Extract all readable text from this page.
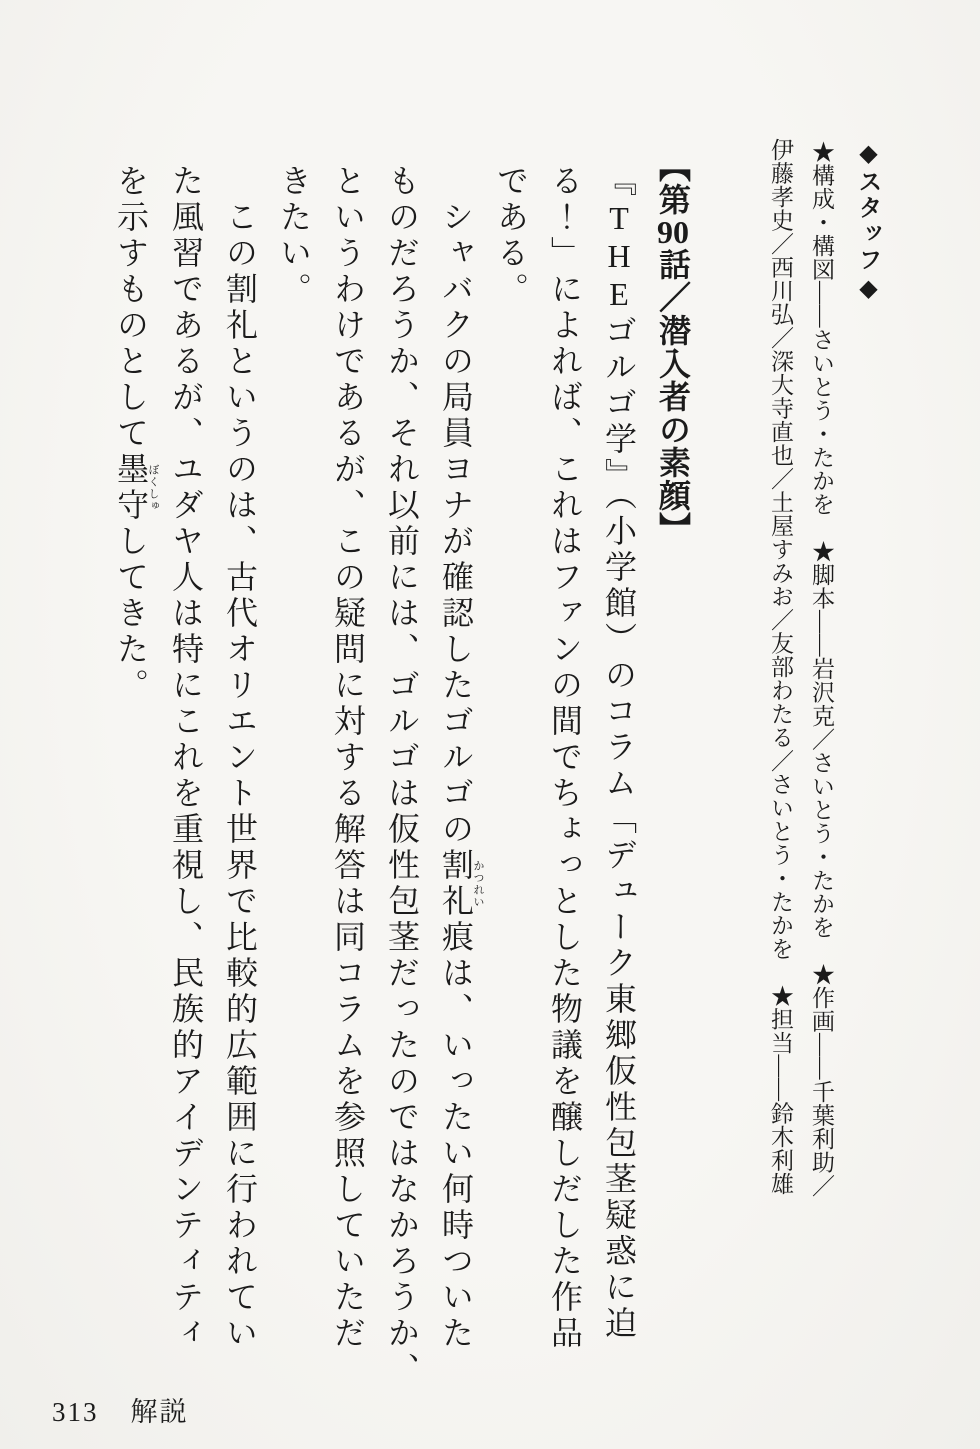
◆スタッフ◆
★構成・構図——さいとう・たかを　★脚本——岩沢克／さいとう・たかを　★作画——千葉利助／
伊藤孝史／西川弘／深大寺直也／土屋すみお／友部わたる／さいとう・たかを　★担当——鈴木利雄
【第90話／潜入者の素顔】
『THEゴルゴ学』（小学館）のコラム「デューク東郷仮性包茎疑惑に迫
る！」によれば、これはファンの間でちょっとした物議を醸しだした作品
である。
シャバクの局員ヨナが確認したゴルゴの割礼かつれい痕は、いったい何時ついた
ものだろうか、それ以前には、ゴルゴは仮性包茎だったのではなかろうか、
というわけであるが、この疑問に対する解答は同コラムを参照していただ
きたい。
この割礼というのは、古代オリエント世界で比較的広範囲に行われてい
た風習であるが、ユダヤ人は特にこれを重視し、民族的アイデンティティ
を示すものとして墨守ぼくしゅしてきた。
313 解説
